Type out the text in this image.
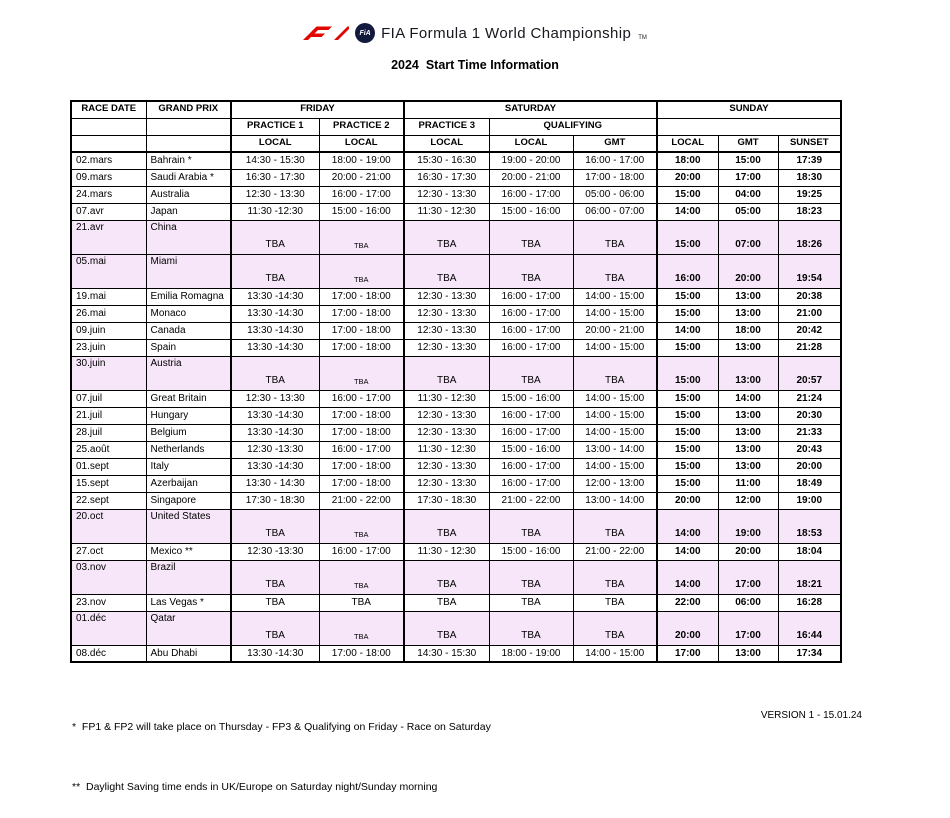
FiA FIA Formula 1 World Championship TM
2024  Start Time Information
RACE DATE	GRAND PRIX	FRIDAY		SATURDAY			SUNDAY		
		PRACTICE 1	PRACTICE 2	PRACTICE 3	QUALIFYING				
		LOCAL	LOCAL	LOCAL	LOCAL	GMT	LOCAL	GMT	SUNSET
02.mars	Bahrain *	14:30 - 15:30	18:00 - 19:00	15:30 - 16:30	19:00 - 20:00	16:00 - 17:00	18:00	15:00	17:39
09.mars	Saudi Arabia *	16:30 - 17:30	20:00 - 21:00	16:30 - 17:30	20:00 - 21:00	17:00 - 18:00	20:00	17:00	18:30
24.mars	Australia	12:30 - 13:30	16:00 - 17:00	12:30 - 13:30	16:00 - 17:00	05:00 - 06:00	15:00	04:00	19:25
07.avr	Japan	11:30 -12:30	15:00 - 16:00	11:30 - 12:30	15:00 - 16:00	06:00 - 07:00	14:00	05:00	18:23
21.avr	China	TBA	TBA	TBA	TBA	TBA	15:00	07:00	18:26
05.mai	Miami	TBA	TBA	TBA	TBA	TBA	16:00	20:00	19:54
19.mai	Emilia Romagna	13:30 -14:30	17:00 - 18:00	12:30 - 13:30	16:00 - 17:00	14:00 - 15:00	15:00	13:00	20:38
26.mai	Monaco	13:30 -14:30	17:00 - 18:00	12:30 - 13:30	16:00 - 17:00	14:00 - 15:00	15:00	13:00	21:00
09.juin	Canada	13:30 -14:30	17:00 - 18:00	12:30 - 13:30	16:00 - 17:00	20:00 - 21:00	14:00	18:00	20:42
23.juin	Spain	13:30 -14:30	17:00 - 18:00	12:30 - 13:30	16:00 - 17:00	14:00 - 15:00	15:00	13:00	21:28
30.juin	Austria	TBA	TBA	TBA	TBA	TBA	15:00	13:00	20:57
07.juil	Great Britain	12:30 - 13:30	16:00 - 17:00	11:30 - 12:30	15:00 - 16:00	14:00 - 15:00	15:00	14:00	21:24
21.juil	Hungary	13:30 -14:30	17:00 - 18:00	12:30 - 13:30	16:00 - 17:00	14:00 - 15:00	15:00	13:00	20:30
28.juil	Belgium	13:30 -14:30	17:00 - 18:00	12:30 - 13:30	16:00 - 17:00	14:00 - 15:00	15:00	13:00	21:33
25.août	Netherlands	12:30 -13:30	16:00 - 17:00	11:30 - 12:30	15:00 - 16:00	13:00 - 14:00	15:00	13:00	20:43
01.sept	Italy	13:30 -14:30	17:00 - 18:00	12:30 - 13:30	16:00 - 17:00	14:00 - 15:00	15:00	13:00	20:00
15.sept	Azerbaijan	13:30 - 14:30	17:00 - 18:00	12:30 - 13:30	16:00 - 17:00	12:00 - 13:00	15:00	11:00	18:49
22.sept	Singapore	17:30 - 18:30	21:00 - 22:00	17:30 - 18:30	21:00 - 22:00	13:00 - 14:00	20:00	12:00	19:00
20.oct	United States	TBA	TBA	TBA	TBA	TBA	14:00	19:00	18:53
27.oct	Mexico **	12:30 -13:30	16:00 - 17:00	11:30 - 12:30	15:00 - 16:00	21:00 - 22:00	14:00	20:00	18:04
03.nov	Brazil	TBA	TBA	TBA	TBA	TBA	14:00	17:00	18:21
23.nov	Las Vegas *	TBA	TBA	TBA	TBA	TBA	22:00	06:00	16:28
01.déc	Qatar	TBA	TBA	TBA	TBA	TBA	20:00	17:00	16:44
08.déc	Abu Dhabi	13:30 -14:30	17:00 - 18:00	14:30 - 15:30	18:00 - 19:00	14:00 - 15:00	17:00	13:00	17:34

*  FP1 & FP2 will take place on Thursday - FP3 & Qualifying on Friday - Race on Saturday

**  Daylight Saving time ends in UK/Europe on Saturday night/Sunday morning

VERSION 1 - 15.01.24
